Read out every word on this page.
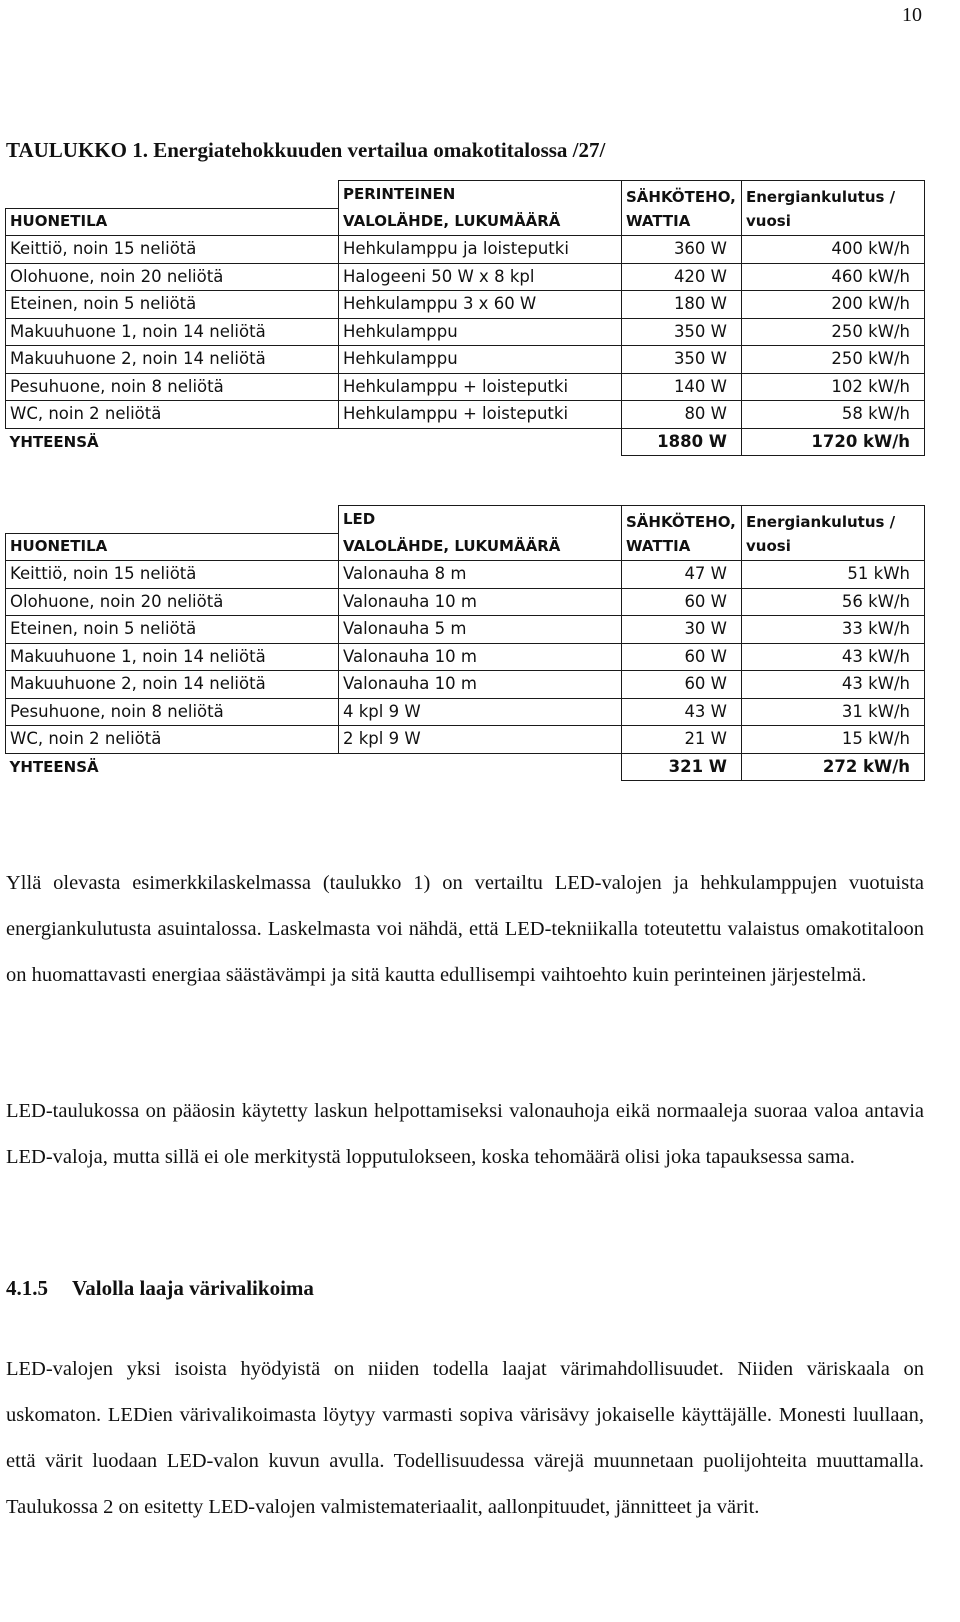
10

TAULUKKO 1. Energiatehokkuuden vertailua omakotitalossa /27/

	PERINTEINEN	SÄHKÖTEHO,	Energiankulutus /
HUONETILA	VALOLÄHDE, LUKUMÄÄRÄ	WATTIA	vuosi
Keittiö, noin 15 neliötä	Hehkulamppu ja loisteputki	360 W	400 kW/h
Olohuone, noin 20 neliötä	Halogeeni 50 W x 8 kpl	420 W	460 kW/h
Eteinen, noin 5 neliötä	Hehkulamppu 3 x 60 W	180 W	200 kW/h
Makuuhuone 1, noin 14 neliötä	Hehkulamppu	350 W	250 kW/h
Makuuhuone 2, noin 14 neliötä	Hehkulamppu	350 W	250 kW/h
Pesuhuone, noin 8 neliötä	Hehkulamppu + loisteputki	140 W	102 kW/h
WC, noin 2 neliötä	Hehkulamppu + loisteputki	80 W	58 kW/h
YHTEENSÄ		1880 W	1720 kW/h
	LED	SÄHKÖTEHO,	Energiankulutus /
HUONETILA	VALOLÄHDE, LUKUMÄÄRÄ	WATTIA	vuosi
Keittiö, noin 15 neliötä	Valonauha 8 m	47 W	51 kWh
Olohuone, noin 20 neliötä	Valonauha 10 m	60 W	56 kW/h
Eteinen, noin 5 neliötä	Valonauha 5 m	30 W	33 kW/h
Makuuhuone 1, noin 14 neliötä	Valonauha 10 m	60 W	43 kW/h
Makuuhuone 2, noin 14 neliötä	Valonauha 10 m	60 W	43 kW/h
Pesuhuone, noin 8 neliötä	4 kpl 9 W	43 W	31 kW/h
WC, noin 2 neliötä	2 kpl 9 W	21 W	15 kW/h
YHTEENSÄ		321 W	272 kW/h

Yllä olevasta esimerkkilaskelmassa (taulukko 1) on vertailtu LED-valojen ja hehkulamppujen vuotuista energiankulutusta asuintalossa. Laskelmasta voi nähdä, että LED-tekniikalla toteutettu valaistus omakotitaloon on huomattavasti energiaa säästävämpi ja sitä kautta edullisempi vaihtoehto kuin perinteinen järjestelmä.

LED-taulukossa on pääosin käytetty laskun helpottamiseksi valonauhoja eikä normaaleja suoraa valoa antavia LED-valoja, mutta sillä ei ole merkitystä lopputulokseen, koska tehomäärä olisi joka tapauksessa sama.

4.1.5 Valolla laaja värivalikoima

LED-valojen yksi isoista hyödyistä on niiden todella laajat värimahdollisuudet. Niiden väriskaala on uskomaton. LEDien värivalikoimasta löytyy varmasti sopiva värisävy jokaiselle käyttäjälle. Monesti luullaan, että värit luodaan LED-valon kuvun avulla. Todellisuudessa värejä muunnetaan puolijohteita muuttamalla. Taulukossa 2 on esitetty LED-valojen valmistemateriaalit, aallonpituudet, jännitteet ja värit.
